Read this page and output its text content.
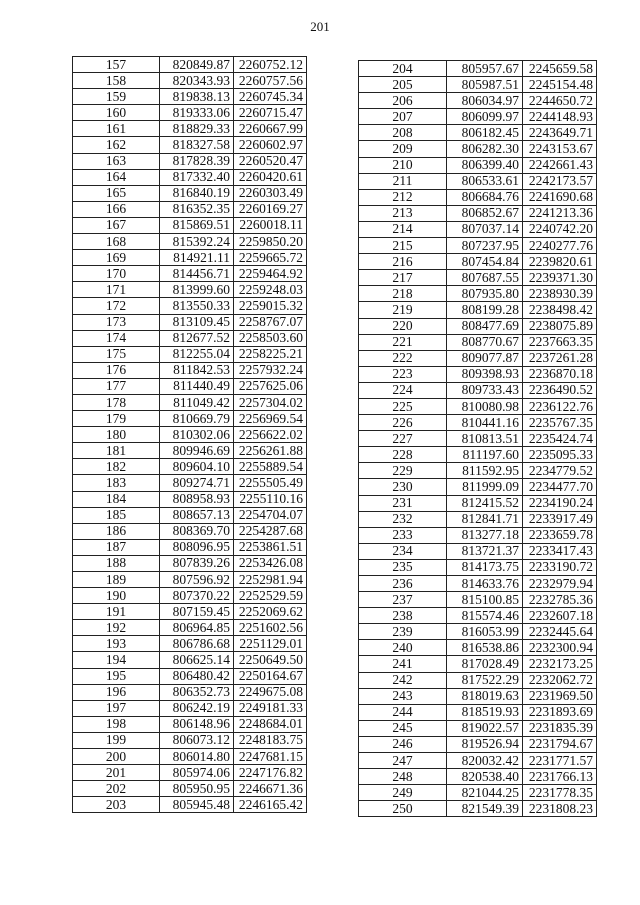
201
157	820849.87	2260752.12
158	820343.93	2260757.56
159	819838.13	2260745.34
160	819333.06	2260715.47
161	818829.33	2260667.99
162	818327.58	2260602.97
163	817828.39	2260520.47
164	817332.40	2260420.61
165	816840.19	2260303.49
166	816352.35	2260169.27
167	815869.51	2260018.11
168	815392.24	2259850.20
169	814921.11	2259665.72
170	814456.71	2259464.92
171	813999.60	2259248.03
172	813550.33	2259015.32
173	813109.45	2258767.07
174	812677.52	2258503.60
175	812255.04	2258225.21
176	811842.53	2257932.24
177	811440.49	2257625.06
178	811049.42	2257304.02
179	810669.79	2256969.54
180	810302.06	2256622.02
181	809946.69	2256261.88
182	809604.10	2255889.54
183	809274.71	2255505.49
184	808958.93	2255110.16
185	808657.13	2254704.07
186	808369.70	2254287.68
187	808096.95	2253861.51
188	807839.26	2253426.08
189	807596.92	2252981.94
190	807370.22	2252529.59
191	807159.45	2252069.62
192	806964.85	2251602.56
193	806786.68	2251129.01
194	806625.14	2250649.50
195	806480.42	2250164.67
196	806352.73	2249675.08
197	806242.19	2249181.33
198	806148.96	2248684.01
199	806073.12	2248183.75
200	806014.80	2247681.15
201	805974.06	2247176.82
202	805950.95	2246671.36
203	805945.48	2246165.42
204	805957.67	2245659.58
205	805987.51	2245154.48
206	806034.97	2244650.72
207	806099.97	2244148.93
208	806182.45	2243649.71
209	806282.30	2243153.67
210	806399.40	2242661.43
211	806533.61	2242173.57
212	806684.76	2241690.68
213	806852.67	2241213.36
214	807037.14	2240742.20
215	807237.95	2240277.76
216	807454.84	2239820.61
217	807687.55	2239371.30
218	807935.80	2238930.39
219	808199.28	2238498.42
220	808477.69	2238075.89
221	808770.67	2237663.35
222	809077.87	2237261.28
223	809398.93	2236870.18
224	809733.43	2236490.52
225	810080.98	2236122.76
226	810441.16	2235767.35
227	810813.51	2235424.74
228	811197.60	2235095.33
229	811592.95	2234779.52
230	811999.09	2234477.70
231	812415.52	2234190.24
232	812841.71	2233917.49
233	813277.18	2233659.78
234	813721.37	2233417.43
235	814173.75	2233190.72
236	814633.76	2232979.94
237	815100.85	2232785.36
238	815574.46	2232607.18
239	816053.99	2232445.64
240	816538.86	2232300.94
241	817028.49	2232173.25
242	817522.29	2232062.72
243	818019.63	2231969.50
244	818519.93	2231893.69
245	819022.57	2231835.39
246	819526.94	2231794.67
247	820032.42	2231771.57
248	820538.40	2231766.13
249	821044.25	2231778.35
250	821549.39	2231808.23
